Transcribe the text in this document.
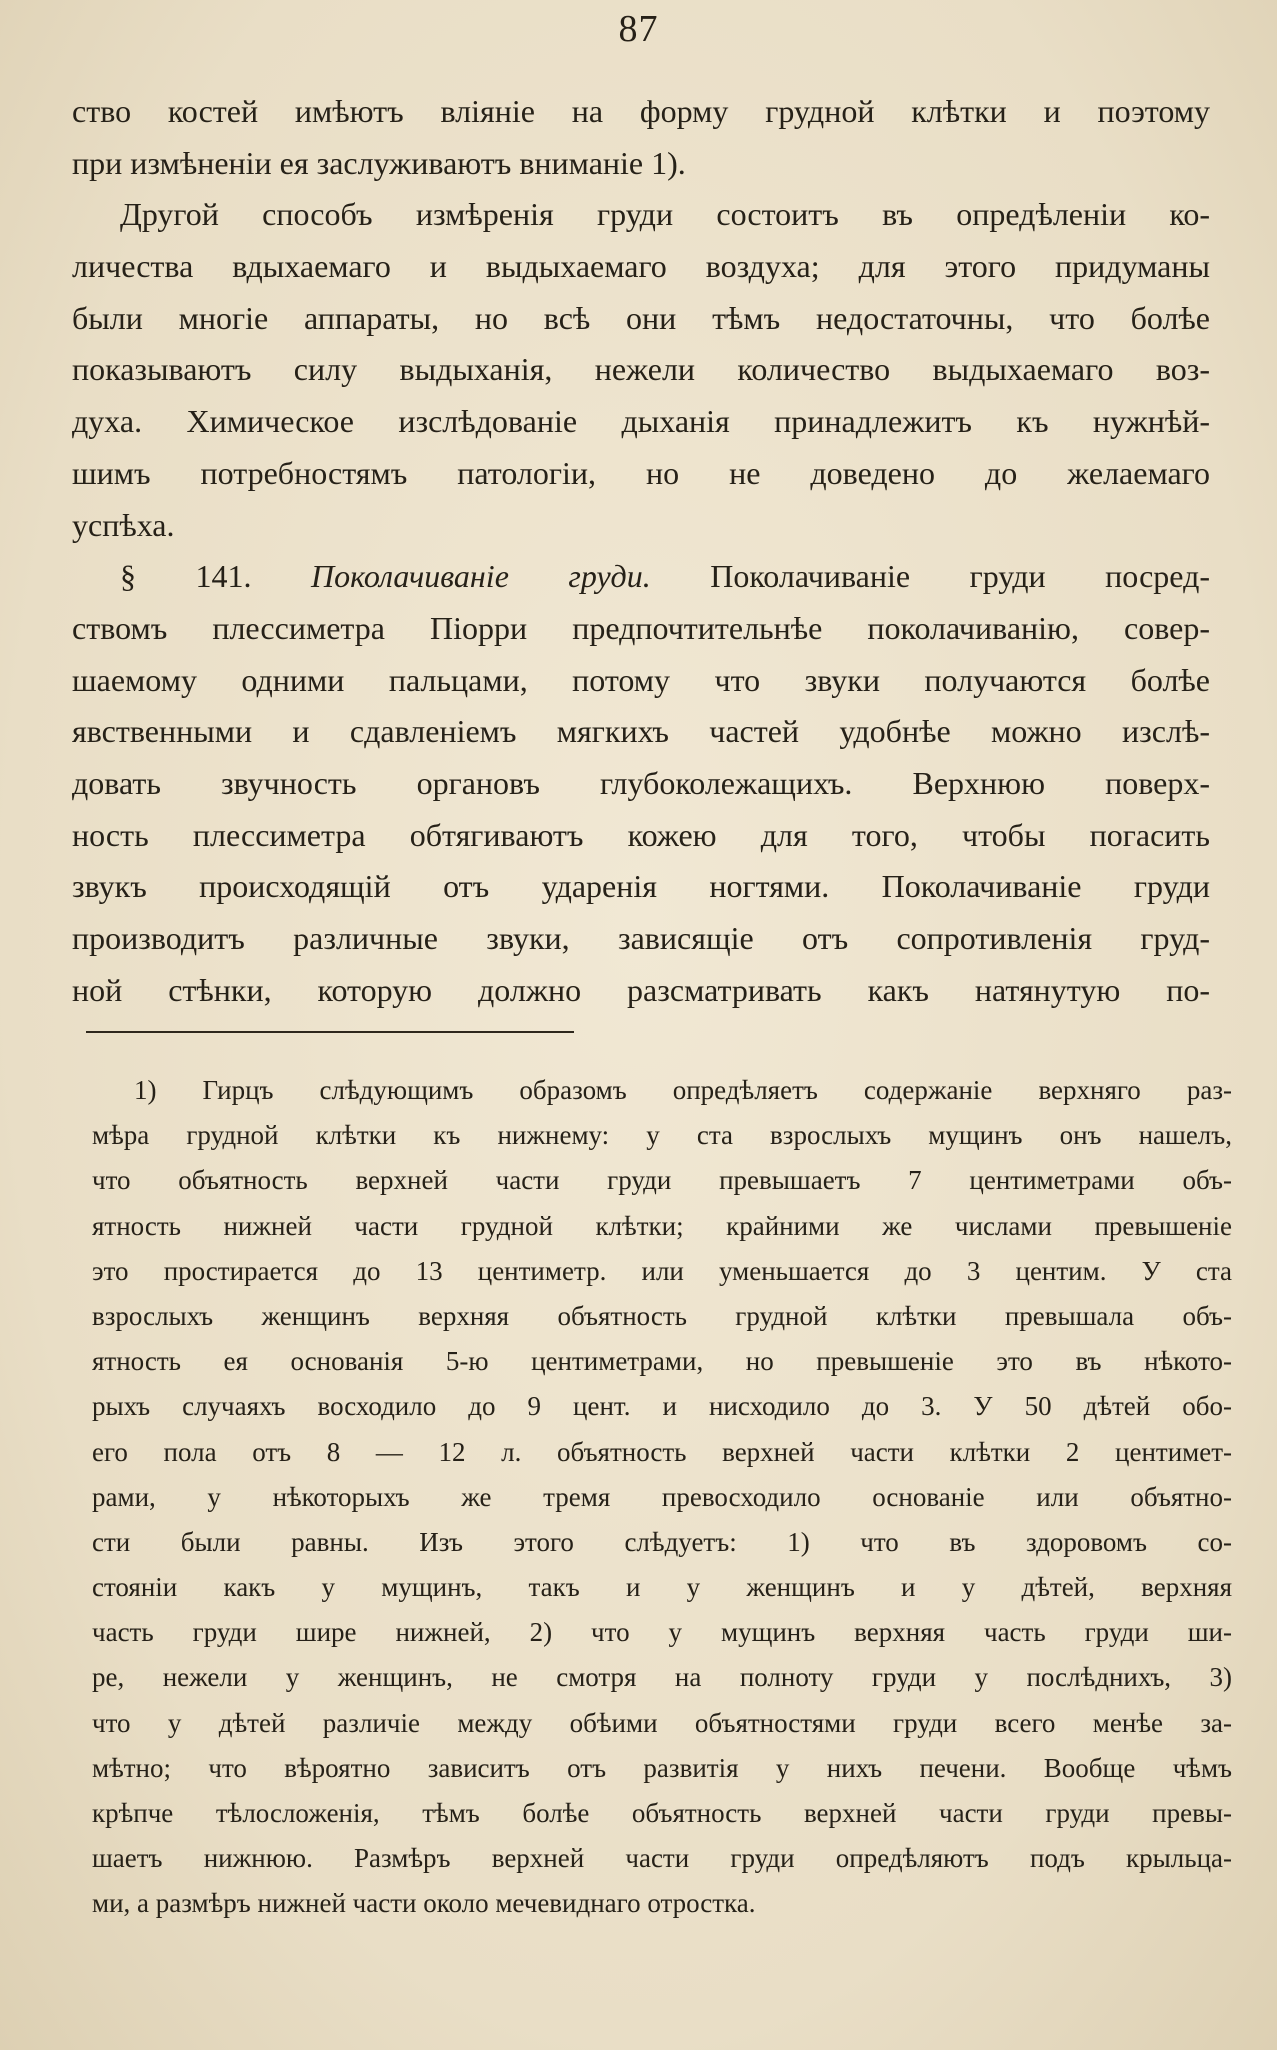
87
ство костей имѣютъ вліяніе на форму грудной клѣтки и поэтому
при измѣненіи ея заслуживаютъ вниманіе 1).
Другой способъ измѣренія груди состоитъ въ опредѣленіи ко-
личества вдыхаемаго и выдыхаемаго воздуха; для этого придуманы
были многіе аппараты, но всѣ они тѣмъ недостаточны, что болѣе
показываютъ силу выдыханія, нежели количество выдыхаемаго воз-
духа. Химическое изслѣдованіе дыханія принадлежитъ къ нужнѣй-
шимъ потребностямъ патологіи, но не доведено до желаемаго
успѣха.
§ 141. Поколачиваніе груди. Поколачиваніе груди посред-
ствомъ плессиметра Піорри предпочтительнѣе поколачиванію, совер-
шаемому одними пальцами, потому что звуки получаются болѣе
явственными и сдавленіемъ мягкихъ частей удобнѣе можно изслѣ-
довать звучность органовъ глубоколежащихъ. Верхнюю поверх-
ность плессиметра обтягиваютъ кожею для того, чтобы погасить
звукъ происходящій отъ ударенія ногтями. Поколачиваніе груди
производитъ различные звуки, зависящіе отъ сопротивленія груд-
ной стѣнки, которую должно разсматривать какъ натянутую по-
1) Гирцъ слѣдующимъ образомъ опредѣляетъ содержаніе верхняго раз-
мѣра грудной клѣтки къ нижнему: у ста взрослыхъ мущинъ онъ нашелъ,
что объятность верхней части груди превышаетъ 7 центиметрами объ-
ятность нижней части грудной клѣтки; крайними же числами превышеніе
это простирается до 13 центиметр. или уменьшается до 3 центим. У ста
взрослыхъ женщинъ верхняя объятность грудной клѣтки превышала объ-
ятность ея основанія 5-ю центиметрами, но превышеніе это въ нѣкото-
рыхъ случаяхъ восходило до 9 цент. и нисходило до 3. У 50 дѣтей обо-
его пола отъ 8 — 12 л. объятность верхней части клѣтки 2 центимет-
рами, у нѣкоторыхъ же тремя превосходило основаніе или объятно-
сти были равны. Изъ этого слѣдуетъ: 1) что въ здоровомъ со-
стояніи какъ у мущинъ, такъ и у женщинъ и у дѣтей, верхняя
часть груди шире нижней, 2) что у мущинъ верхняя часть груди ши-
ре, нежели у женщинъ, не смотря на полноту груди у послѣднихъ, 3)
что у дѣтей различіе между обѣими объятностями груди всего менѣе за-
мѣтно; что вѣроятно зависитъ отъ развитія у нихъ печени. Вообще чѣмъ
крѣпче тѣлосложенія, тѣмъ болѣе объятность верхней части груди превы-
шаетъ нижнюю. Размѣръ верхней части груди опредѣляютъ подъ крыльца-
ми, а размѣръ нижней части около мечевиднаго отростка.
